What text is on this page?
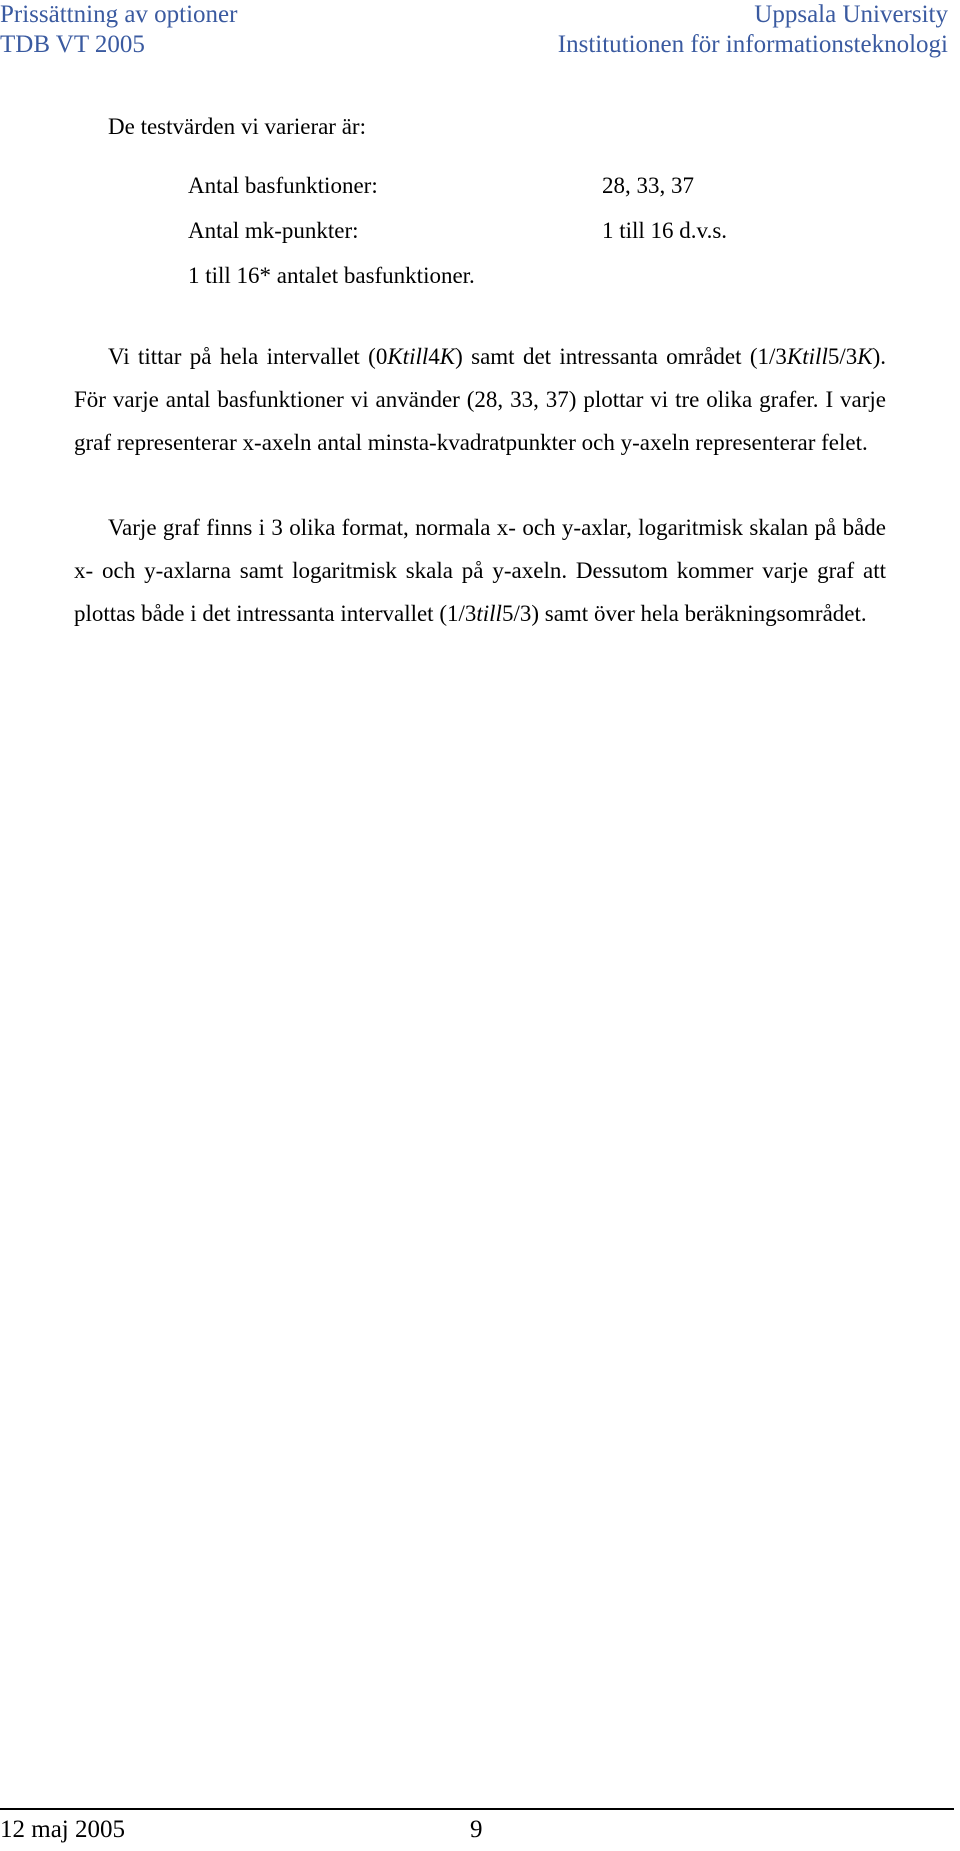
Prissättning av optioner
TDB VT 2005
Uppsala University
Institutionen för informationsteknologi

De testvärden vi varierar är:

Antal basfunktioner:	28, 33, 37
Antal mk-punkter:	1 till 16 d.v.s.
1 till 16* antalet basfunktioner.

Vi tittar på hela intervallet (0Ktill4K) samt det intressanta området (1/3Ktill5/3K). För varje antal basfunktioner vi använder (28, 33, 37) plottar vi tre olika grafer. I varje graf representerar x-axeln antal minsta-kvadratpunkter och y-axeln representerar felet.

Varje graf finns i 3 olika format, normala x- och y-axlar, logaritmisk skalan på både x- och y-axlarna samt logaritmisk skala på y-axeln. Dessutom kommer varje graf att plottas både i det intressanta intervallet (1/3till5/3) samt över hela beräkningsområdet.

12 maj 2005	9
